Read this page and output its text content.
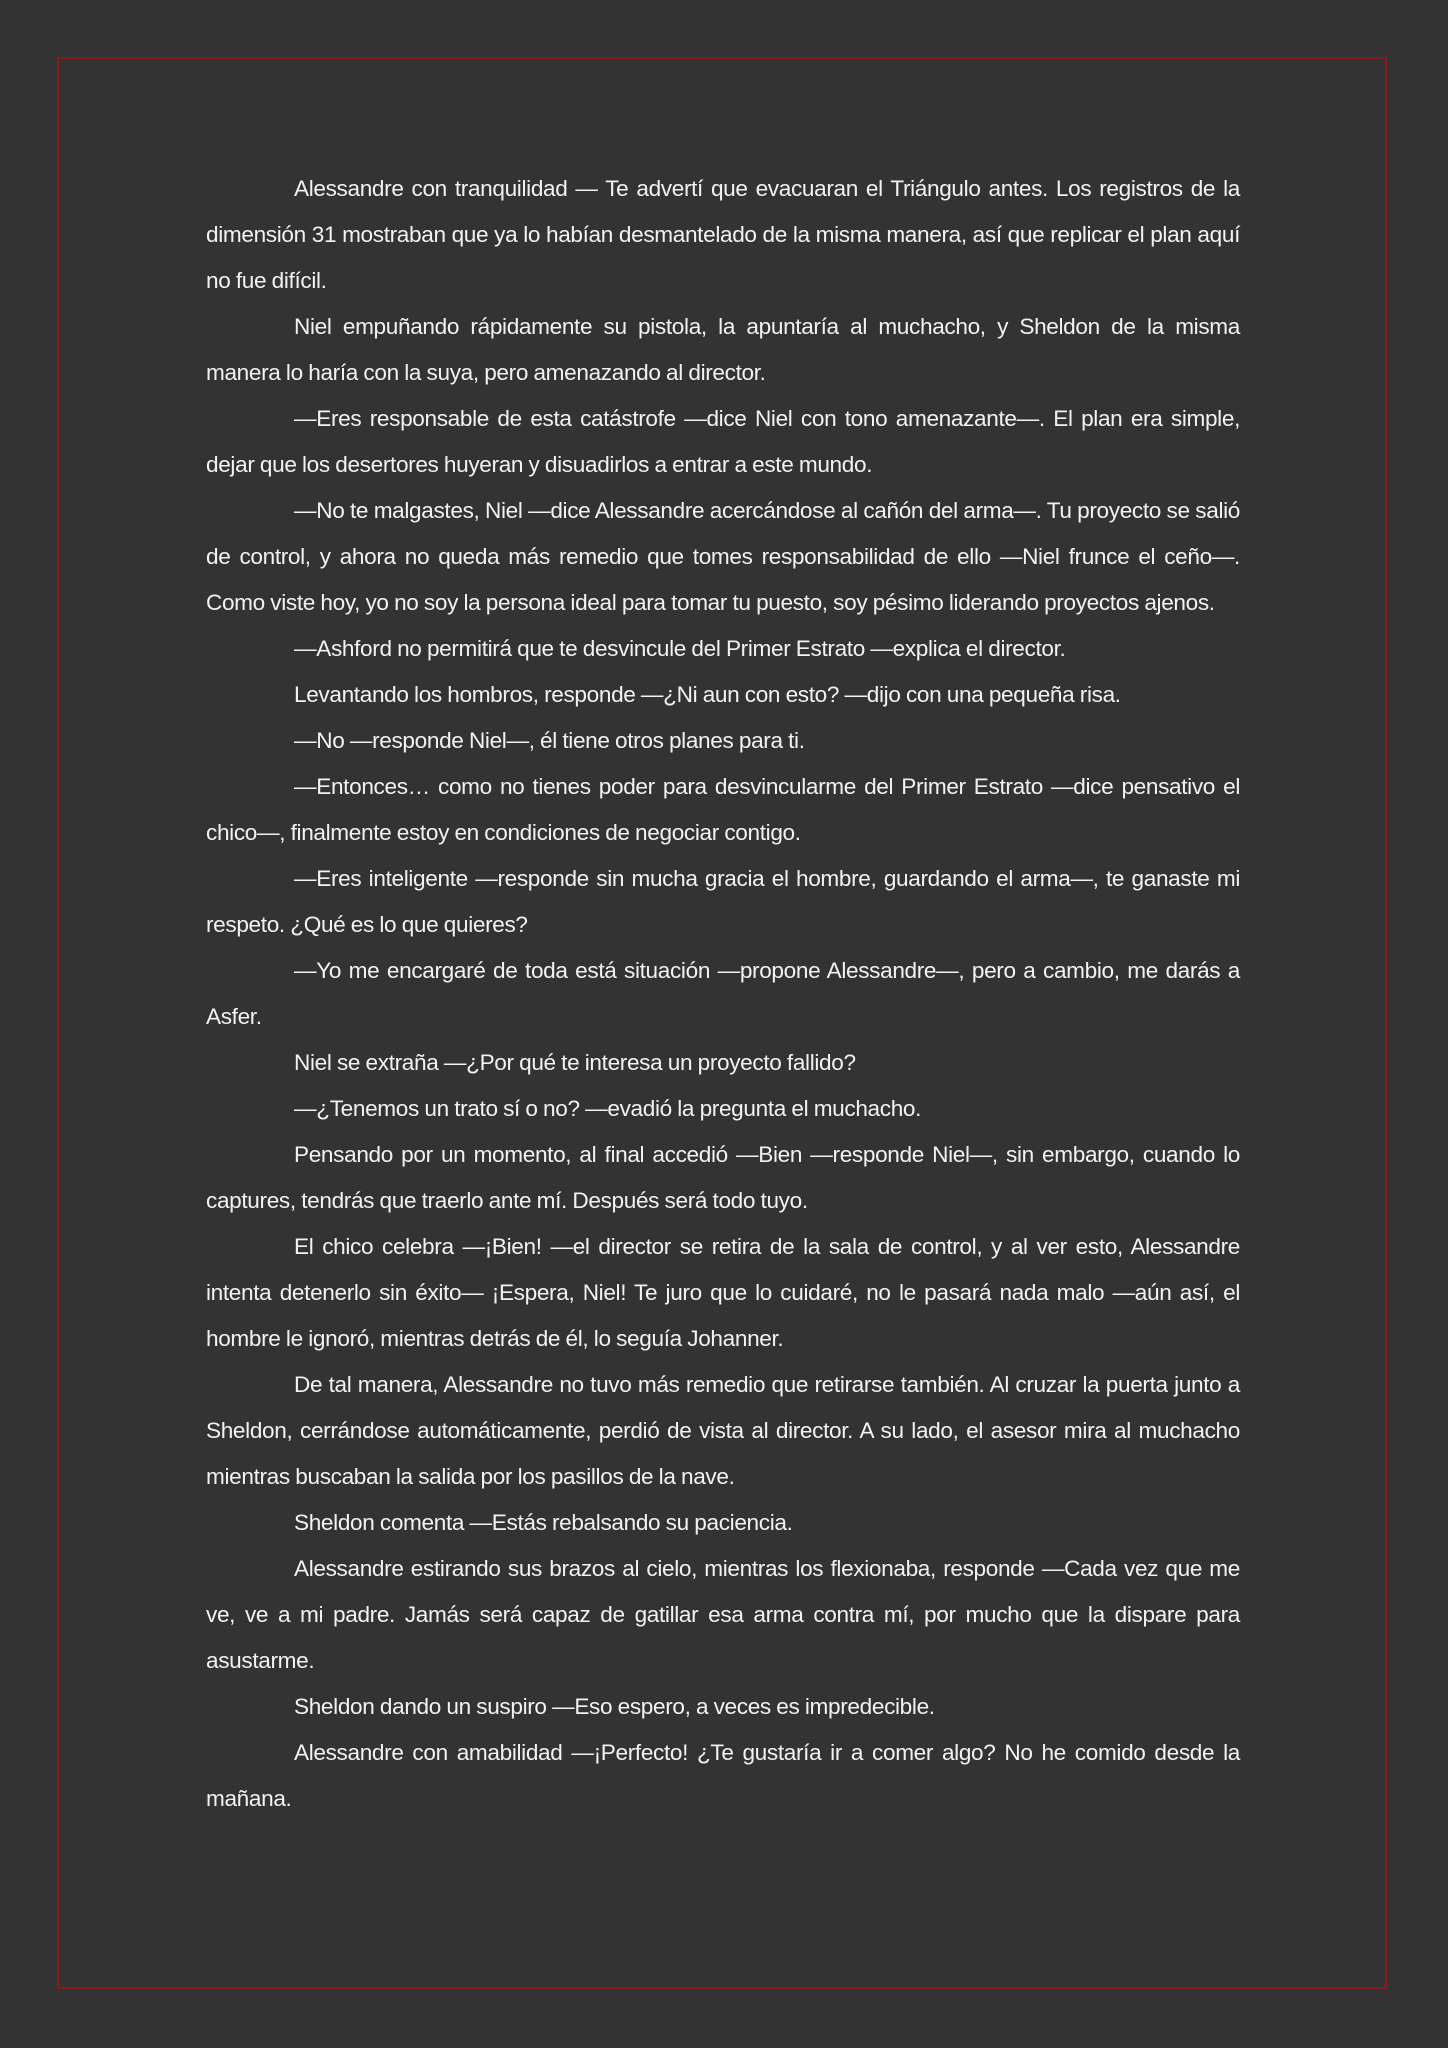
Alessandre con tranquilidad — Te advertí que evacuaran el Triángulo antes. Los registros de la dimensión 31 mostraban que ya lo habían desmantelado de la misma manera, así que replicar el plan aquí no fue difícil.

Niel empuñando rápidamente su pistola, la apuntaría al muchacho, y Sheldon de la misma manera lo haría con la suya, pero amenazando al director.

—Eres responsable de esta catástrofe —dice Niel con tono amenazante—. El plan era simple, dejar que los desertores huyeran y disuadirlos a entrar a este mundo.

—No te malgastes, Niel —dice Alessandre acercándose al cañón del arma—. Tu proyecto se salió de control, y ahora no queda más remedio que tomes responsabilidad de ello —Niel frunce el ceño—. Como viste hoy, yo no soy la persona ideal para tomar tu puesto, soy pésimo liderando proyectos ajenos.

—Ashford no permitirá que te desvincule del Primer Estrato —explica el director.

Levantando los hombros, responde —¿Ni aun con esto? —dijo con una pequeña risa.

—No —responde Niel—, él tiene otros planes para ti.

—Entonces… como no tienes poder para desvincularme del Primer Estrato —dice pensativo el chico—, finalmente estoy en condiciones de negociar contigo.

—Eres inteligente —responde sin mucha gracia el hombre, guardando el arma—, te ganaste mi respeto. ¿Qué es lo que quieres?

—Yo me encargaré de toda está situación —propone Alessandre—, pero a cambio, me darás a Asfer.

Niel se extraña —¿Por qué te interesa un proyecto fallido?

—¿Tenemos un trato sí o no? —evadió la pregunta el muchacho.

Pensando por un momento, al final accedió —Bien —responde Niel—, sin embargo, cuando lo captures, tendrás que traerlo ante mí. Después será todo tuyo.

El chico celebra —¡Bien! —el director se retira de la sala de control, y al ver esto, Alessandre intenta detenerlo sin éxito— ¡Espera, Niel! Te juro que lo cuidaré, no le pasará nada malo —aún así, el hombre le ignoró, mientras detrás de él, lo seguía Johanner.

De tal manera, Alessandre no tuvo más remedio que retirarse también. Al cruzar la puerta junto a Sheldon, cerrándose automáticamente, perdió de vista al director. A su lado, el asesor mira al muchacho mientras buscaban la salida por los pasillos de la nave.

Sheldon comenta —Estás rebalsando su paciencia.

Alessandre estirando sus brazos al cielo, mientras los flexionaba, responde —Cada vez que me ve, ve a mi padre. Jamás será capaz de gatillar esa arma contra mí, por mucho que la dispare para asustarme.

Sheldon dando un suspiro —Eso espero, a veces es impredecible.

Alessandre con amabilidad —¡Perfecto! ¿Te gustaría ir a comer algo? No he comido desde la mañana.
